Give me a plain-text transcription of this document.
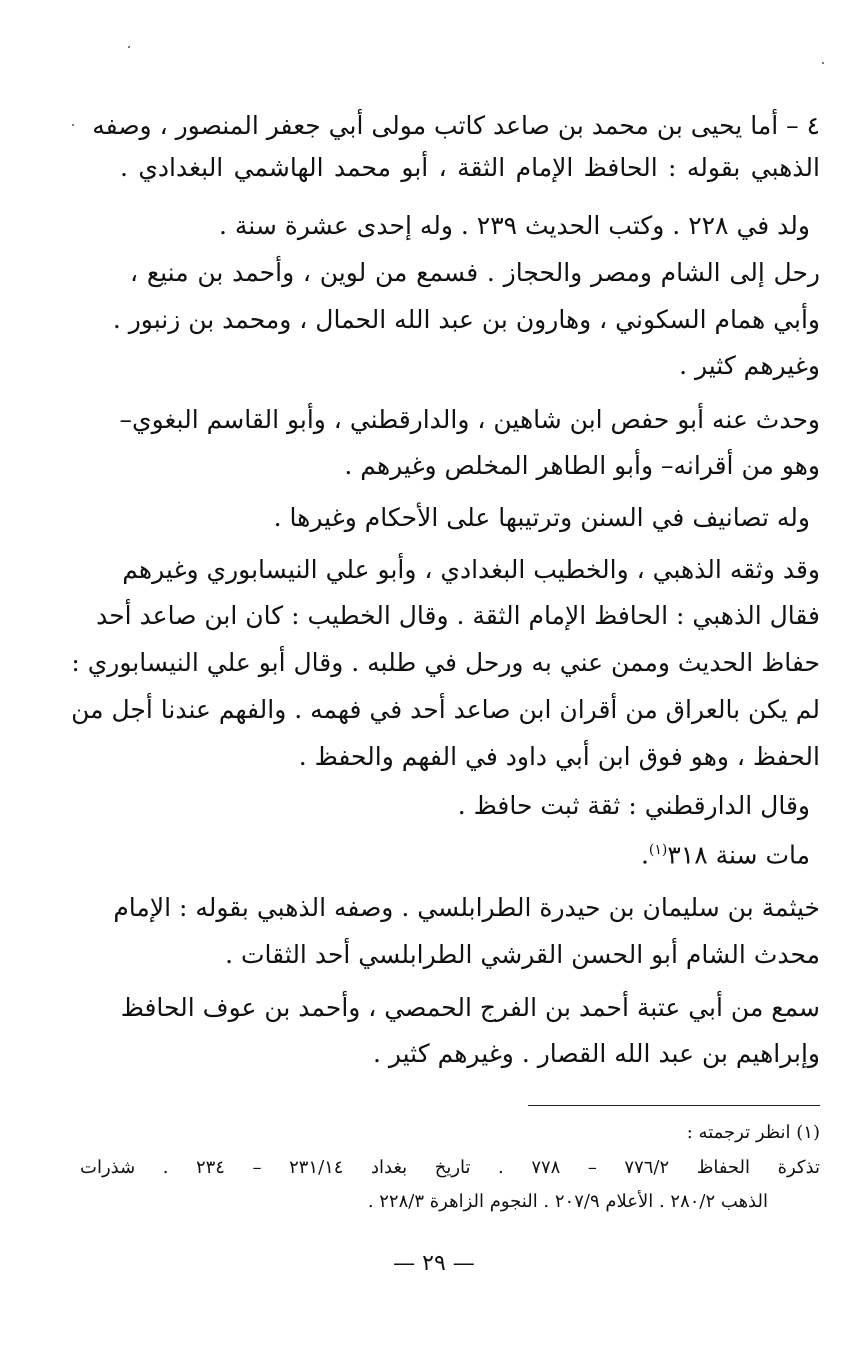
٤ – أما يحيى بن محمد بن صاعد كاتب مولى أبي جعفر المنصور ، وصفه
الذهبي بقوله : الحافظ الإمام الثقة ، أبو محمد الهاشمي البغدادي .
ولد في ٢٢٨ . وكتب الحديث ٢٣٩ . وله إحدى عشرة سنة .
رحل إلى الشام ومصر والحجاز . فسمع من لوين ، وأحمد بن منيع ،
وأبي همام السكوني ، وهارون بن عبد الله الحمال ، ومحمد بن زنبور .
وغيرهم كثير .
وحدث عنه أبو حفص ابن شاهين ، والدارقطني ، وأبو القاسم البغوي–
وهو من أقرانه– وأبو الطاهر المخلص وغيرهم .
وله تصانيف في السنن وترتيبها على الأحكام وغيرها .
وقد وثقه الذهبي ، والخطيب البغدادي ، وأبو علي النيسابوري وغيرهم
فقال الذهبي : الحافظ الإمام الثقة . وقال الخطيب : كان ابن صاعد أحد
حفاظ الحديث وممن عني به ورحل في طلبه . وقال أبو علي النيسابوري :
لم يكن بالعراق من أقران ابن صاعد أحد في فهمه . والفهم عندنا أجل من
الحفظ ، وهو فوق ابن أبي داود في الفهم والحفظ .
وقال الدارقطني : ثقة ثبت حافظ .
مات سنة ٣١٨$^{(١)}$.
خيثمة بن سليمان بن حيدرة الطرابلسي . وصفه الذهبي بقوله : الإمام
محدث الشام أبو الحسن القرشي الطرابلسي أحد الثقات .
سمع من أبي عتبة أحمد بن الفرج الحمصي ، وأحمد بن عوف الحافظ
وإبراهيم بن عبد الله القصار . وغيرهم كثير .
(١) انظر ترجمته :
تذكرة الحفاظ ٧٧٦/٢ – ٧٧٨ . تاريخ بغداد ٢٣١/١٤ – ٢٣٤ . شذرات
الذهب ٢٨٠/٢ . الأعلام ٢٠٧/٩ . النجوم الزاهرة ٢٢٨/٣ .
— ٢٩ —
